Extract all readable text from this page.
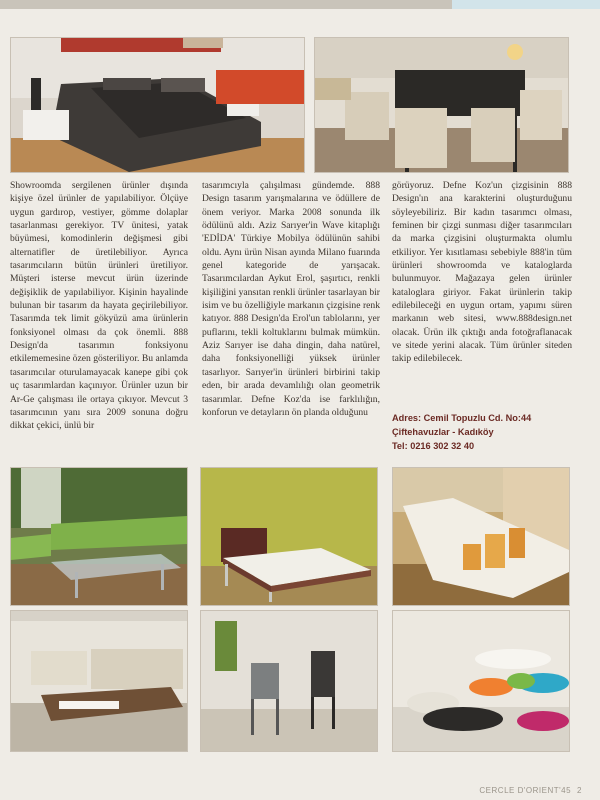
Showroomda sergilenen ürünler dışında kişiye özel ürünler de yapılabiliyor. Ölçüye uygun gardırop, vestiyer, gömme dolaplar tasarlanması gerekiyor. TV ünitesi, yatak büyümesi, komodinlerin değişmesi gibi alternatifler de üretilebiliyor. Ayrıca tasarımcıların bütün ürünleri üretiliyor. Müşteri isterse mevcut ürün üzerinde değişiklik de yapılabiliyor. Kişinin hayalinde bulunan bir tasarım da hayata geçirilebiliyor. Tasarımda tek limit gökyüzü ama ürünlerin fonksiyonel olması da çok önemli. 888 Design'da tasarımın fonksiyonu etkilememesine özen gösteriliyor. Bu anlamda tasarımcılar oturulamayacak kanepe gibi çok uç tasarımlardan kaçınıyor. Ürünler uzun bir Ar-Ge çalışması ile ortaya çıkıyor. Mevcut 3 tasarımcının yanı sıra 2009 sonuna doğru dikkat çekici, ünlü bir

tasarımcıyla çalışılması gündemde. 888 Design tasarım yarışmalarına ve ödüllere de önem veriyor. Marka 2008 sonunda ilk ödülünü aldı. Aziz Sarıyer'in Wave kitaplığı 'EDİDA' Türkiye Mobilya ödülünün sahibi oldu. Aynı ürün Nisan ayında Milano fuarında genel kategoride de yarışacak. Tasarımcılardan Aykut Erol, şaşırtıcı, renkli kişiliğini yansıtan renkli ürünler tasarlayan bir isim ve bu özelliğiyle markanın çizgisine renk katıyor. 888 Design'da Erol'un tablolarını, yer puflarını, tekli koltuklarını bulmak mümkün. Aziz Sarıyer ise daha dingin, daha natürel, daha fonksiyonelliği yüksek ürünler tasarlıyor. Sarıyer'in ürünleri birbirini takip eden, bir arada devamlılığı olan geometrik tasarımlar. Defne Koz'da ise farklılığın, konforun ve detayların ön planda olduğunu

görüyoruz. Defne Koz'un çizgisinin 888 Design'ın ana karakterini oluşturduğunu söyleyebiliriz. Bir kadın tasarımcı olması, feminen bir çizgi sunması diğer tasarımcıları da marka çizgisini oluşturmakta olumlu etkiliyor. Yer kısıtlaması sebebiyle 888'in tüm ürünleri showroomda ve kataloglarda bulunmuyor. Mağazaya gelen ürünler kataloglara giriyor. Fakat ürünlerin takip edilebileceği en uygun ortam, yapımı süren markanın web sitesi, www.888design.net olacak. Ürün ilk çıktığı anda fotoğraflanacak ve sitede yerini alacak. Tüm ürünler siteden takip edilebilecek.

Adres: Cemil Topuzlu Cd. No:44
Çiftehavuzlar - Kadıköy
Tel: 0216 302 32 40
CERCLE D'ORIENT'45 2
